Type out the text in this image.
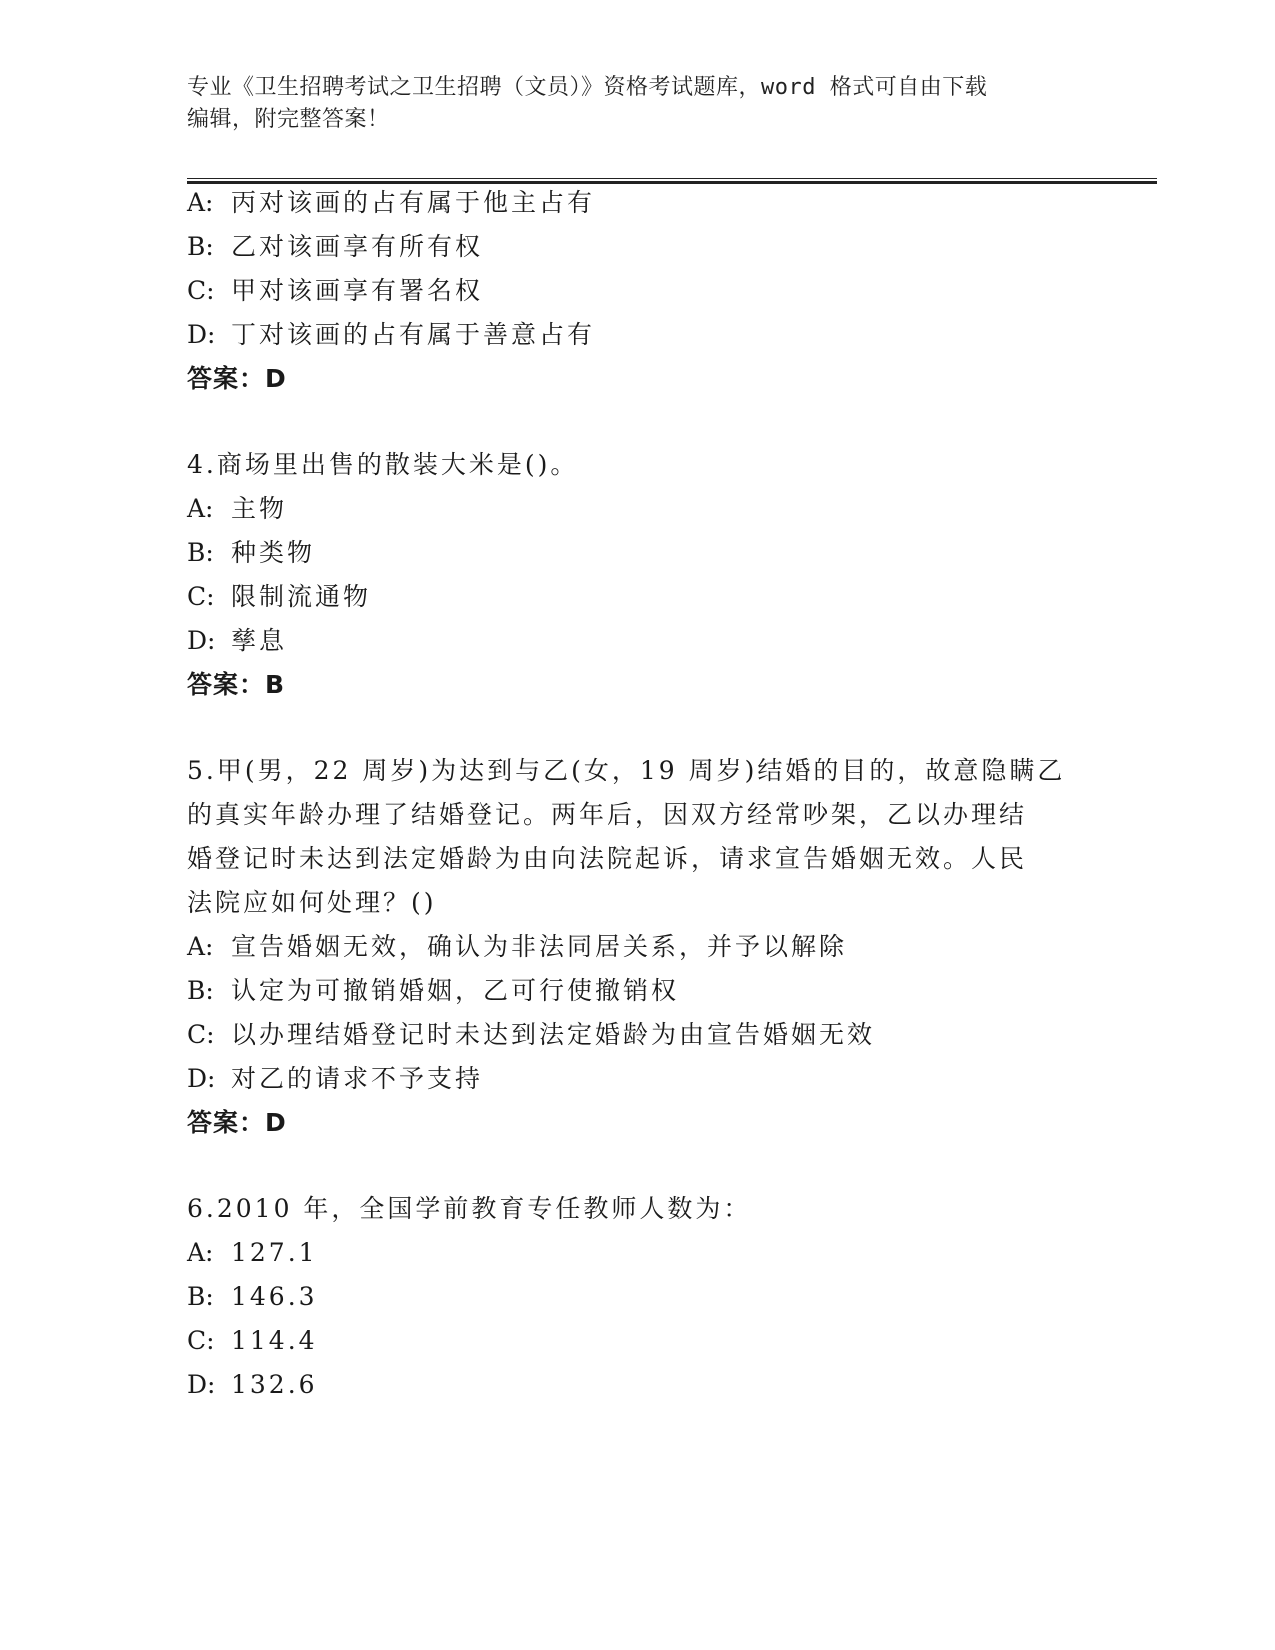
专业《卫生招聘考试之卫生招聘（文员）》资格考试题库，word 格式可自由下载
编辑，附完整答案！
A: 丙对该画的占有属于他主占有
B: 乙对该画享有所有权
C: 甲对该画享有署名权
D: 丁对该画的占有属于善意占有
答案：D
4.商场里出售的散装大米是()。
A: 主物
B: 种类物
C: 限制流通物
D: 孳息
答案：B
5.甲(男，22 周岁)为达到与乙(女，19 周岁)结婚的目的，故意隐瞒乙
的真实年龄办理了结婚登记。两年后，因双方经常吵架，乙以办理结
婚登记时未达到法定婚龄为由向法院起诉，请求宣告婚姻无效。人民
法院应如何处理？()
A: 宣告婚姻无效，确认为非法同居关系，并予以解除
B: 认定为可撤销婚姻，乙可行使撤销权
C: 以办理结婚登记时未达到法定婚龄为由宣告婚姻无效
D: 对乙的请求不予支持
答案：D
6.2010 年，全国学前教育专任教师人数为：
A: 127.1
B: 146.3
C: 114.4
D: 132.6
